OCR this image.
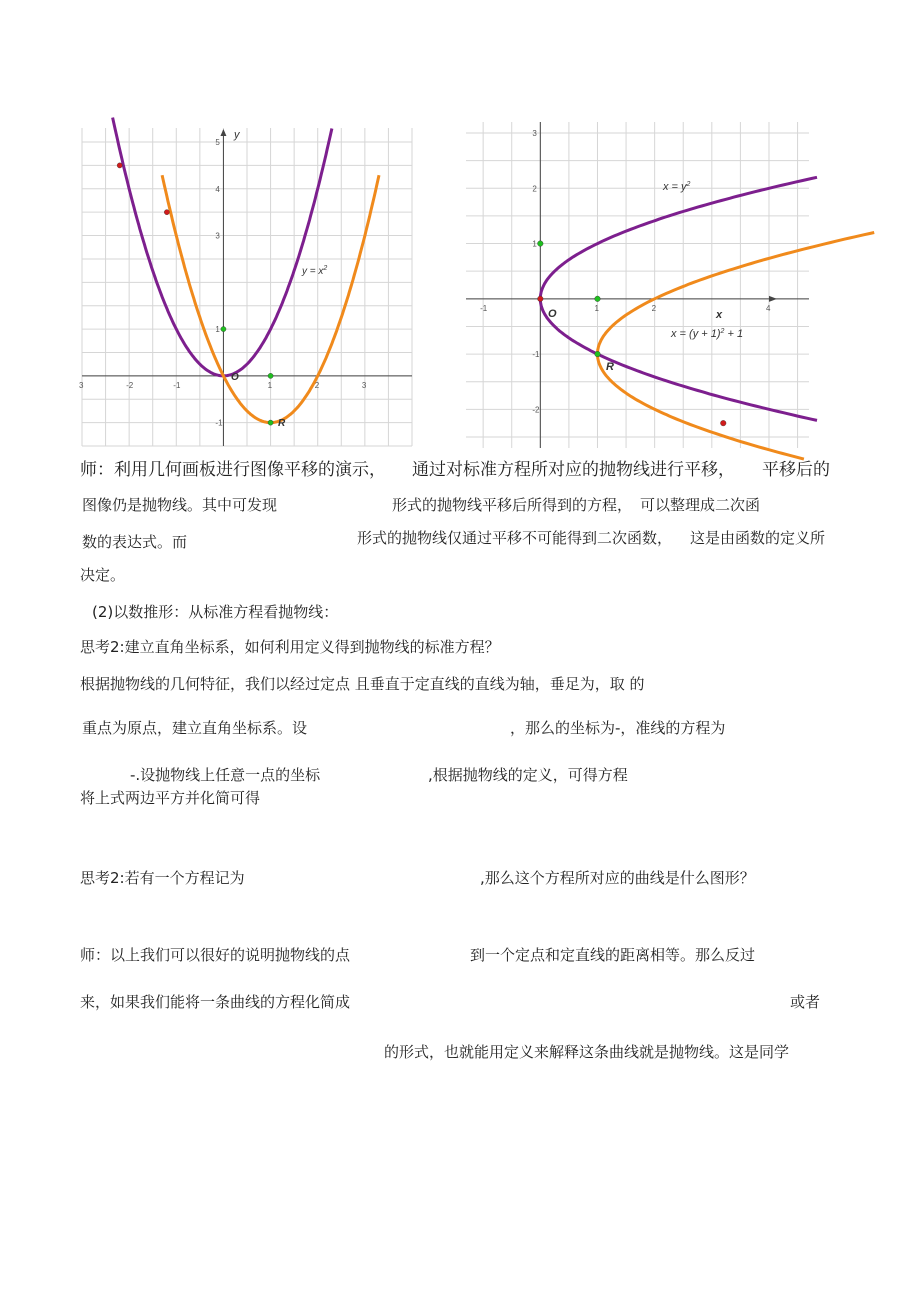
3	-2	-1	1	2	3
5
4
3
1
-1
y
$y = x^2$
O
R
-1	1	2	4
3
2
1
-1
-2
x
$x = y^2$
$x = (y + 1)^2 + 1$
O
R
师：利用几何画板进行图像平移的演示， 通过对标准方程所对应的抛物线进行平移， 平移后的
图像仍是抛物线。其中可发现	形式的抛物线平移后所得到的方程， 可以整理成二次函
数的表达式。而	形式的抛物线仅通过平移不可能得到二次函数， 这是由函数的定义所
决定。
(2)以数推形：从标准方程看抛物线：
思考2:建立直角坐标系，如何利用定义得到抛物线的标准方程？
根据抛物线的几何特征，我们以经过定点 且垂直于定直线的直线为轴，垂足为，取 的
重点为原点，建立直角坐标系。设	，那么的坐标为-，准线的方程为
-.设抛物线上任意一点的坐标	,根据抛物线的定义，可得方程
将上式两边平方并化简可得
思考2:若有一个方程记为	,那么这个方程所对应的曲线是什么图形？
师：以上我们可以很好的说明抛物线的点	到一个定点和定直线的距离相等。那么反过
来，如果我们能将一条曲线的方程化简成	或者
的形式，也就能用定义来解释这条曲线就是抛物线。这是同学
